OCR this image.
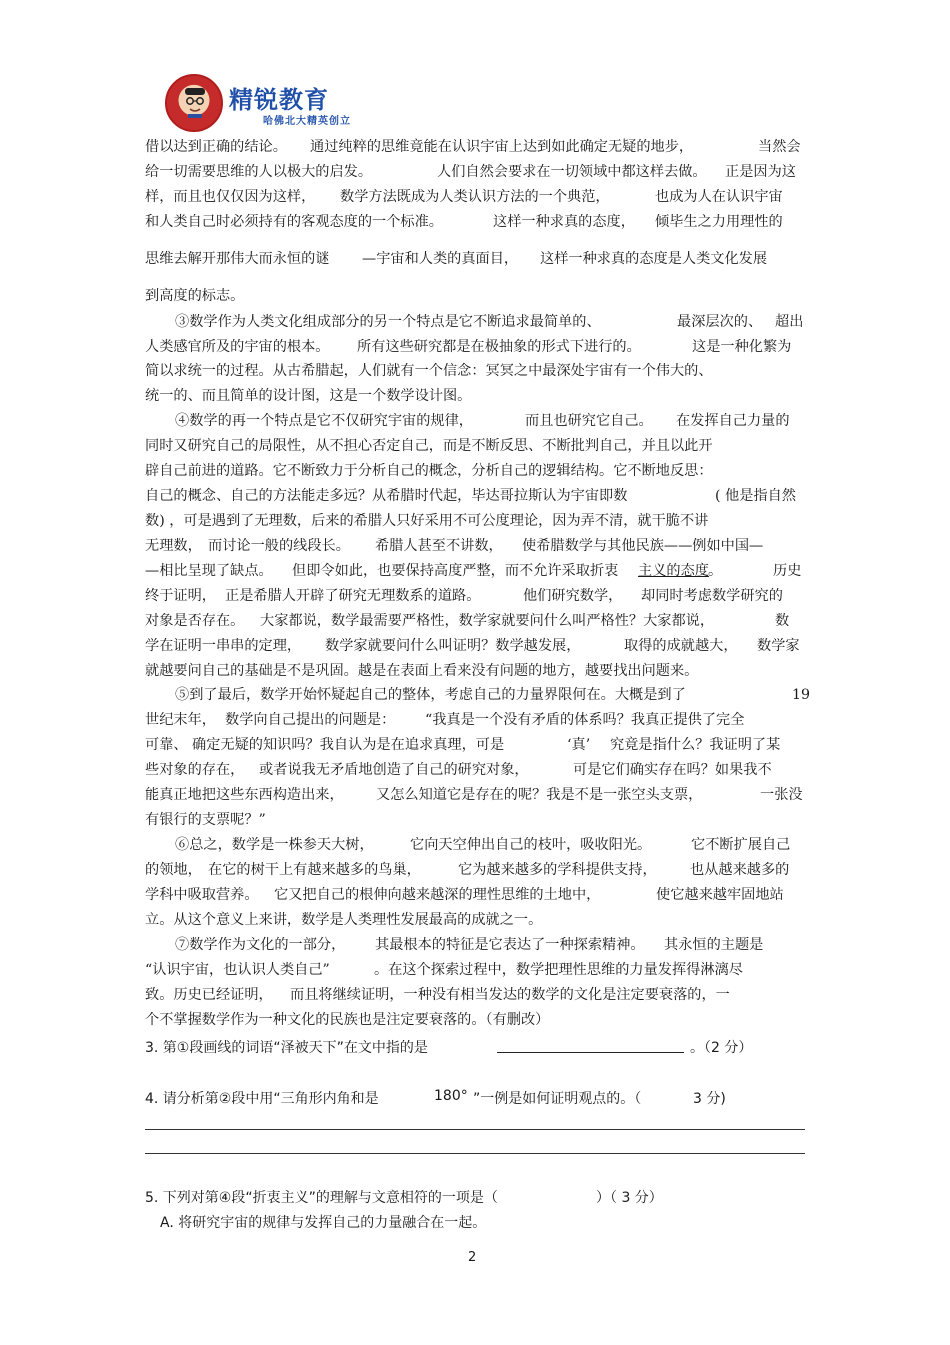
精锐教育
哈佛北大精英创立
借以达到正确的结论。 通过纯粹的思维竟能在认识宇宙上达到如此确定无疑的地步，	当然会
给一切需要思维的人以极大的启发。	人们自然会要求在一切领域中都这样去做。 正是因为这
样，而且也仅仅因为这样， 数学方法既成为人类认识方法的一个典范，	也成为人在认识宇宙
和人类自己时必须持有的客观态度的一个标准。	这样一种求真的态度， 倾毕生之力用理性的
思维去解开那伟大而永恒的谜 —宇宙和人类的真面目， 这样一种求真的态度是人类文化发展
到高度的标志。
③数学作为人类文化组成部分的另一个特点是它不断追求最简单的、	最深层次的、 超出
人类感官所及的宇宙的根本。 所有这些研究都是在极抽象的形式下进行的。	这是一种化繁为
简以求统一的过程。从古希腊起，人们就有一个信念：冥冥之中最深处宇宙有一个伟大的、
统一的、而且简单的设计图，这是一个数学设计图。
④数学的再一个特点是它不仅研究宇宙的规律，	而且也研究它自己。 在发挥自己力量的
同时又研究自己的局限性，从不担心否定自己，而是不断反思、不断批判自己，并且以此开
辟自己前进的道路。它不断致力于分析自己的概念，分析自己的逻辑结构。它不断地反思：
自己的概念、自己的方法能走多远？从希腊时代起，毕达哥拉斯认为宇宙即数	( 他是指自然
数) ，可是遇到了无理数，后来的希腊人只好采用不可公度理论，因为弄不清，就干脆不讲
无理数， 而讨论一般的线段长。 希腊人甚至不讲数， 使希腊数学与其他民族——例如中国—
—相比呈现了缺点。 但即令如此，也要保持高度严整，而不允许采取折衷 主义的态度 。	历史
终于证明， 正是希腊人开辟了研究无理数系的道路。	他们研究数学， 却同时考虑数学研究的
对象是否存在。 大家都说，数学最需要严格性，数学家就要问什么叫严格性？大家都说，	数
学在证明一串串的定理， 数学家就要问什么叫证明？数学越发展，	取得的成就越大， 数学家
就越要问自己的基础是不是巩固。越是在表面上看来没有问题的地方，越要找出问题来。
⑤到了最后，数学开始怀疑起自己的整体，考虑自己的力量界限何在。大概是到了	19
世纪末年， 数学向自己提出的问题是： “我真是一个没有矛盾的体系吗？我真正提供了完全
可靠、 确定无疑的知识吗？我自认为是在追求真理，可是	‘真’ 究竟是指什么？我证明了某
些对象的存在， 或者说我无矛盾地创造了自己的研究对象，	可是它们确实存在吗？如果我不
能真正地把这些东西构造出来， 又怎么知道它是存在的呢？我是不是一张空头支票，	一张没
有银行的支票呢？”
⑥总之，数学是一株参天大树，	它向天空伸出自己的枝叶，吸收阳光。	它不断扩展自己
的领地， 在它的树干上有越来越多的鸟巢，	它为越来越多的学科提供支持， 也从越来越多的
学科中吸取营养。 它又把自己的根伸向越来越深的理性思维的土地中，	使它越来越牢固地站
立。从这个意义上来讲，数学是人类理性发展最高的成就之一。
⑦数学作为文化的一部分， 其最根本的特征是它表达了一种探索精神。 其永恒的主题是
“认识宇宙，也认识人类自己”	。在这个探索过程中，数学把理性思维的力量发挥得淋漓尽
致。历史已经证明， 而且将继续证明，一种没有相当发达的数学的文化是注定要衰落的，一
个不掌握数学作为一种文化的民族也是注定要衰落的。（有删改）
3. 第①段画线的词语“泽被天下”在文中指的是	。（2 分）
4. 请分析第②段中用“三角形内角和是	180° ”一例是如何证明观点的。（	3 分)
5. 下列对第④段“折衷主义”的理解与文意相符的一项是（	）（ 3 分）
A. 将研究宇宙的规律与发挥自己的力量融合在一起。
2
